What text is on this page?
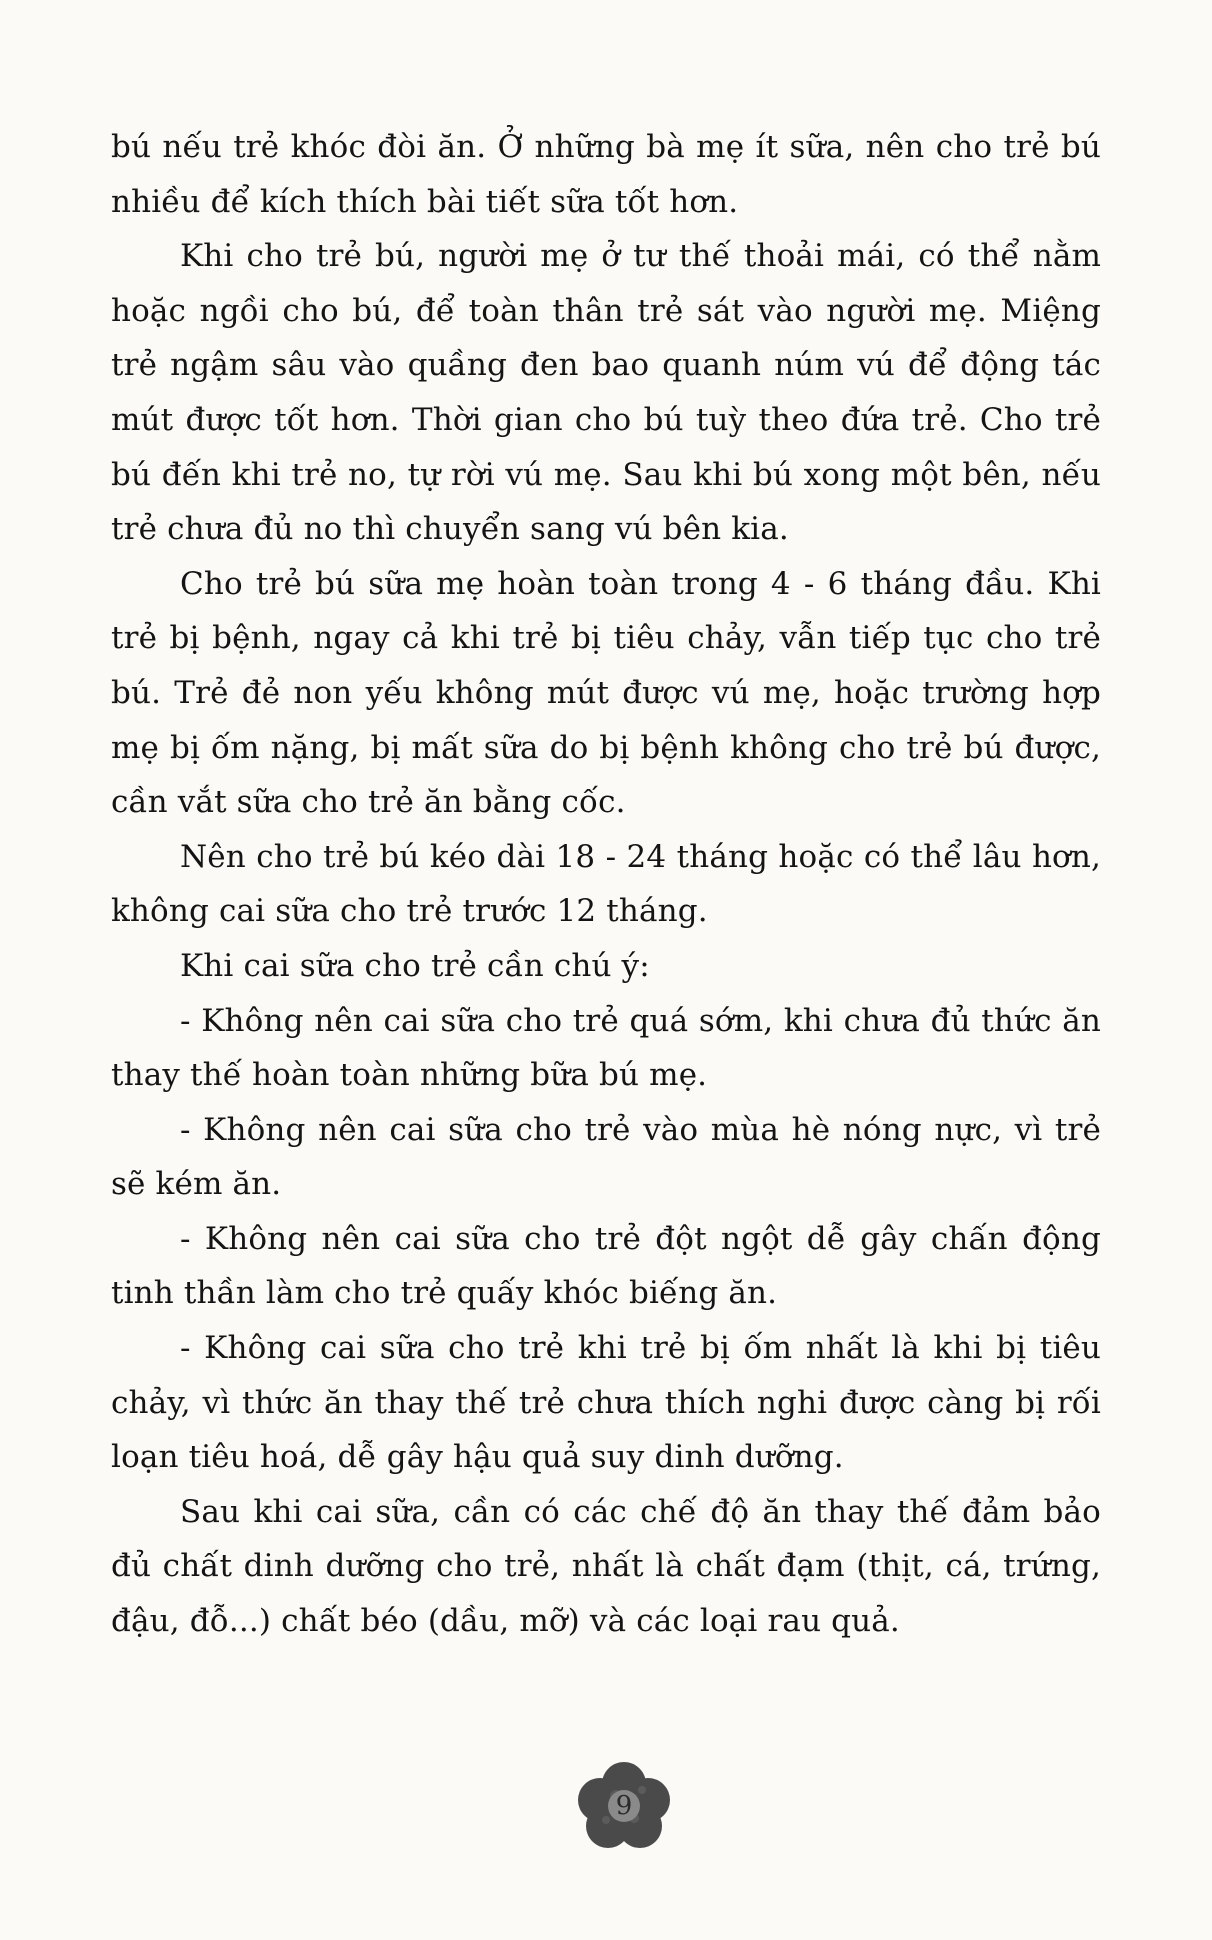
bú nếu trẻ khóc đòi ăn. Ở những bà mẹ ít sữa, nên cho trẻ bú nhiều để kích thích bài tiết sữa tốt hơn.

Khi cho trẻ bú, người mẹ ở tư thế thoải mái, có thể nằm hoặc ngồi cho bú, để toàn thân trẻ sát vào người mẹ. Miệng trẻ ngậm sâu vào quầng đen bao quanh núm vú để động tác mút được tốt hơn. Thời gian cho bú tuỳ theo đứa trẻ. Cho trẻ bú đến khi trẻ no, tự rời vú mẹ. Sau khi bú xong một bên, nếu trẻ chưa đủ no thì chuyển sang vú bên kia.

Cho trẻ bú sữa mẹ hoàn toàn trong 4 - 6 tháng đầu. Khi trẻ bị bệnh, ngay cả khi trẻ bị tiêu chảy, vẫn tiếp tục cho trẻ bú. Trẻ đẻ non yếu không mút được vú mẹ, hoặc trường hợp mẹ bị ốm nặng, bị mất sữa do bị bệnh không cho trẻ bú được, cần vắt sữa cho trẻ ăn bằng cốc.

Nên cho trẻ bú kéo dài 18 - 24 tháng hoặc có thể lâu hơn, không cai sữa cho trẻ trước 12 tháng.

Khi cai sữa cho trẻ cần chú ý:

- Không nên cai sữa cho trẻ quá sớm, khi chưa đủ thức ăn thay thế hoàn toàn những bữa bú mẹ.

- Không nên cai sữa cho trẻ vào mùa hè nóng nực, vì trẻ sẽ kém ăn.

- Không nên cai sữa cho trẻ đột ngột dễ gây chấn động tinh thần làm cho trẻ quấy khóc biếng ăn.

- Không cai sữa cho trẻ khi trẻ bị ốm nhất là khi bị tiêu chảy, vì thức ăn thay thế trẻ chưa thích nghi được càng bị rối loạn tiêu hoá, dễ gây hậu quả suy dinh dưỡng.

Sau khi cai sữa, cần có các chế độ ăn thay thế đảm bảo đủ chất dinh dưỡng cho trẻ, nhất là chất đạm (thịt, cá, trứng, đậu, đỗ...) chất béo (dầu, mỡ) và các loại rau quả.

9
